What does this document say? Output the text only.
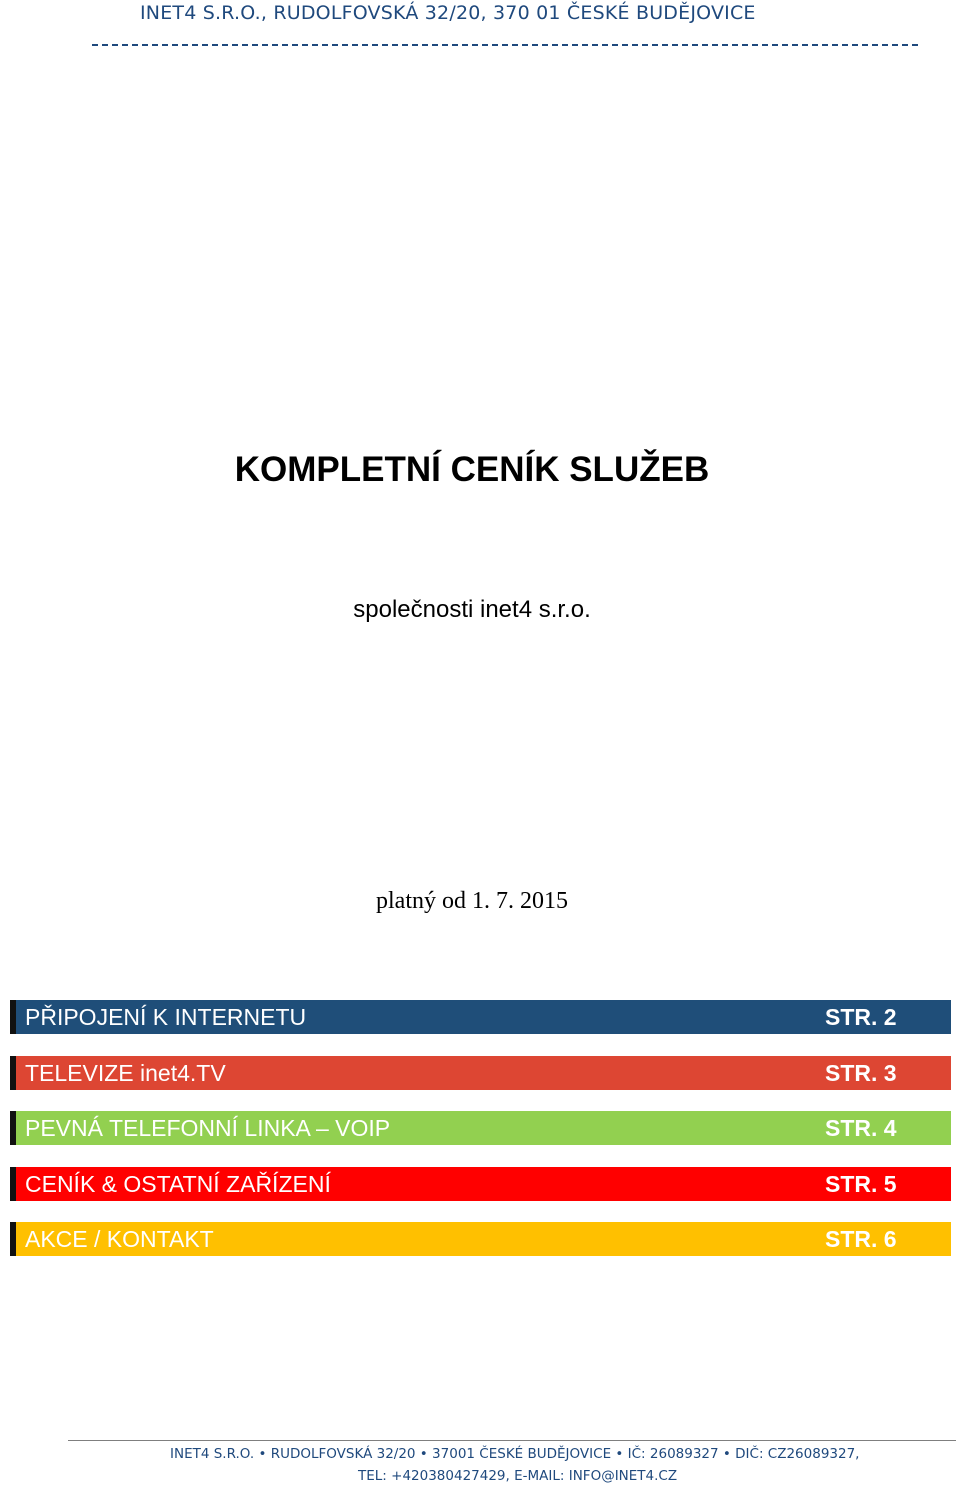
INET4 S.R.O., RUDOLFOVSKÁ 32/20, 370 01 ČESKÉ BUDĚJOVICE
KOMPLETNÍ CENÍK SLUŽEB
společnosti inet4 s.r.o.
platný od 1. 7. 2015
PŘIPOJENÍ K INTERNETU	STR. 2
TELEVIZE inet4.TV	STR. 3
PEVNÁ TELEFONNÍ LINKA – VOIP	STR. 4
CENÍK & OSTATNÍ ZAŘÍZENÍ	STR. 5
AKCE / KONTAKT	STR. 6
INET4 S.R.O. • RUDOLFOVSKÁ 32/20 • 37001 ČESKÉ BUDĚJOVICE • IČ: 26089327 • DIČ: CZ26089327,
TEL: +420380427429, E-MAIL: INFO@INET4.CZ
